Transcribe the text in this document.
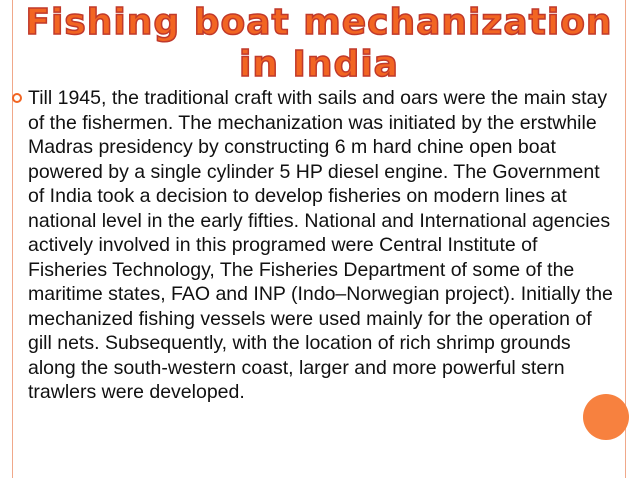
Fishing boat mechanization in India

Till 1945, the traditional craft with sails and oars were the main stay of the fishermen. The mechanization was initiated by the erstwhile Madras presidency by constructing 6 m hard chine open boat powered by a single cylinder 5 HP diesel engine. The Government of India took a decision to develop fisheries on modern lines at national level in the early fifties. National and International agencies actively involved in this programed were Central Institute of Fisheries Technology, The Fisheries Department of some of the maritime states, FAO and INP (Indo–Norwegian project). Initially the mechanized fishing vessels were used mainly for the operation of gill nets. Subsequently, with the location of rich shrimp grounds along the south-western coast, larger and more powerful stern trawlers were developed.
